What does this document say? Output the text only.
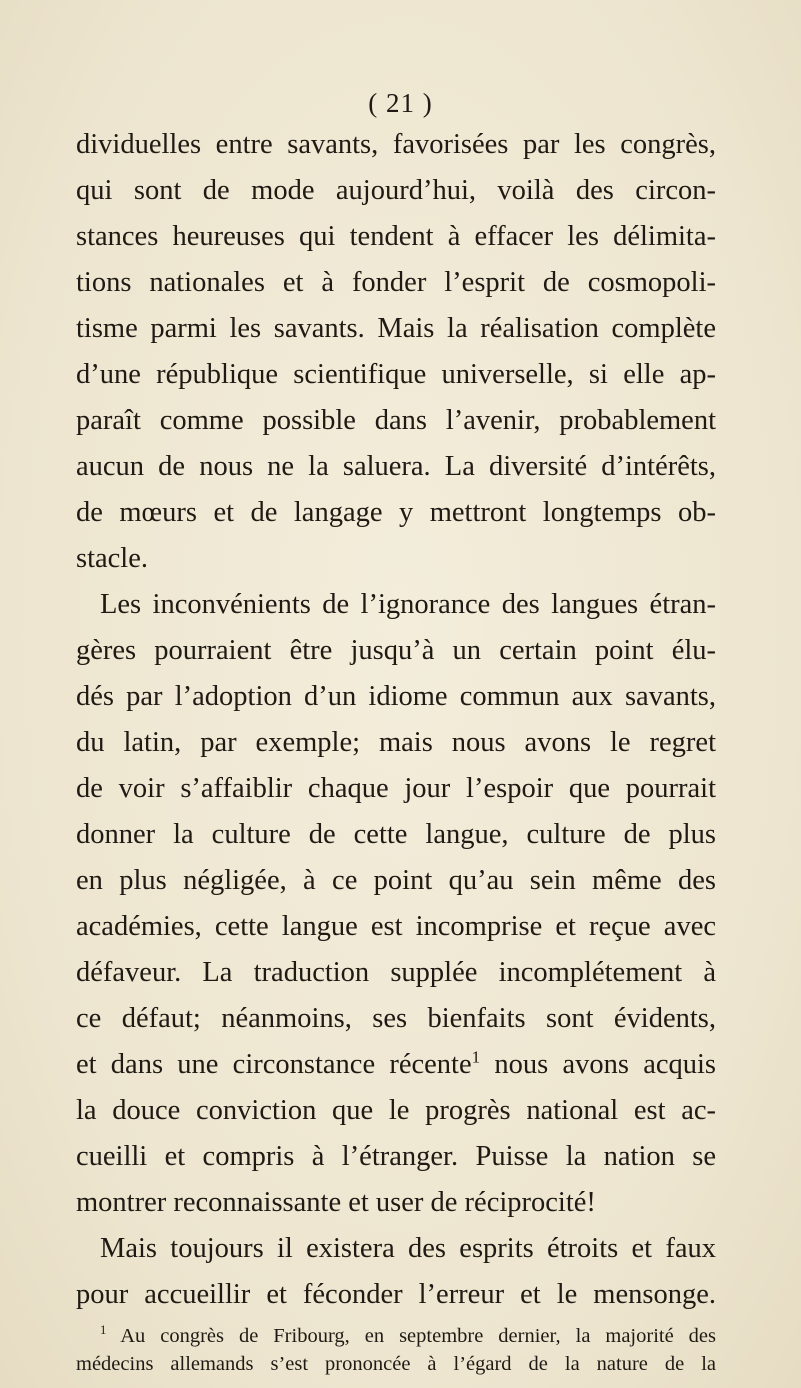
( 21 )
dividuelles entre savants, favorisées par les congrès,
qui sont de mode aujourd’hui, voilà des circon-
stances heureuses qui tendent à effacer les délimita-
tions nationales et à fonder l’esprit de cosmopoli-
tisme parmi les savants. Mais la réalisation complète
d’une république scientifique universelle, si elle ap-
paraît comme possible dans l’avenir, probablement
aucun de nous ne la saluera. La diversité d’intérêts,
de mœurs et de langage y mettront longtemps ob-
stacle.
Les inconvénients de l’ignorance des langues étran-
gères pourraient être jusqu’à un certain point élu-
dés par l’adoption d’un idiome commun aux savants,
du latin, par exemple; mais nous avons le regret
de voir s’affaiblir chaque jour l’espoir que pourrait
donner la culture de cette langue, culture de plus
en plus négligée, à ce point qu’au sein même des
académies, cette langue est incomprise et reçue avec
défaveur. La traduction supplée incomplétement à
ce défaut; néanmoins, ses bienfaits sont évidents,
et dans une circonstance récente$^1$ nous avons acquis
la douce conviction que le progrès national est ac-
cueilli et compris à l’étranger. Puisse la nation se
montrer reconnaissante et user de réciprocité!
Mais toujours il existera des esprits étroits et faux
pour accueillir et féconder l’erreur et le mensonge.
$^1$ Au congrès de Fribourg, en septembre dernier, la majorité des
médecins allemands s’est prononcée à l’égard de la nature de la
